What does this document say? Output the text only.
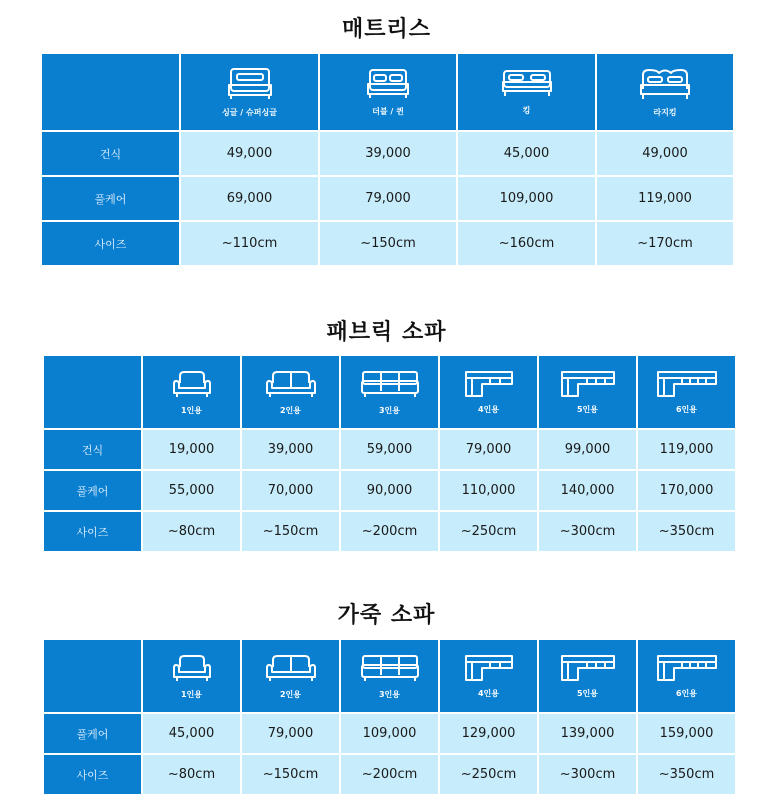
매트리스

	싱글 / 슈퍼싱글	더블 / 퀸	킹	라지킹

건식	49,000	39,000	45,000	49,000
풀케어	69,000	79,000	109,000	119,000
사이즈	~110cm	~150cm	~160cm	~170cm
패브릭 소파

	1인용	2인용	3인용	4인용	5인용	6인용

건식	19,000	39,000	59,000	79,000	99,000	119,000
풀케어	55,000	70,000	90,000	110,000	140,000	170,000
사이즈	~80cm	~150cm	~200cm	~250cm	~300cm	~350cm
가죽 소파

	1인용	2인용	3인용	4인용	5인용	6인용

풀케어	45,000	79,000	109,000	129,000	139,000	159,000
사이즈	~80cm	~150cm	~200cm	~250cm	~300cm	~350cm
